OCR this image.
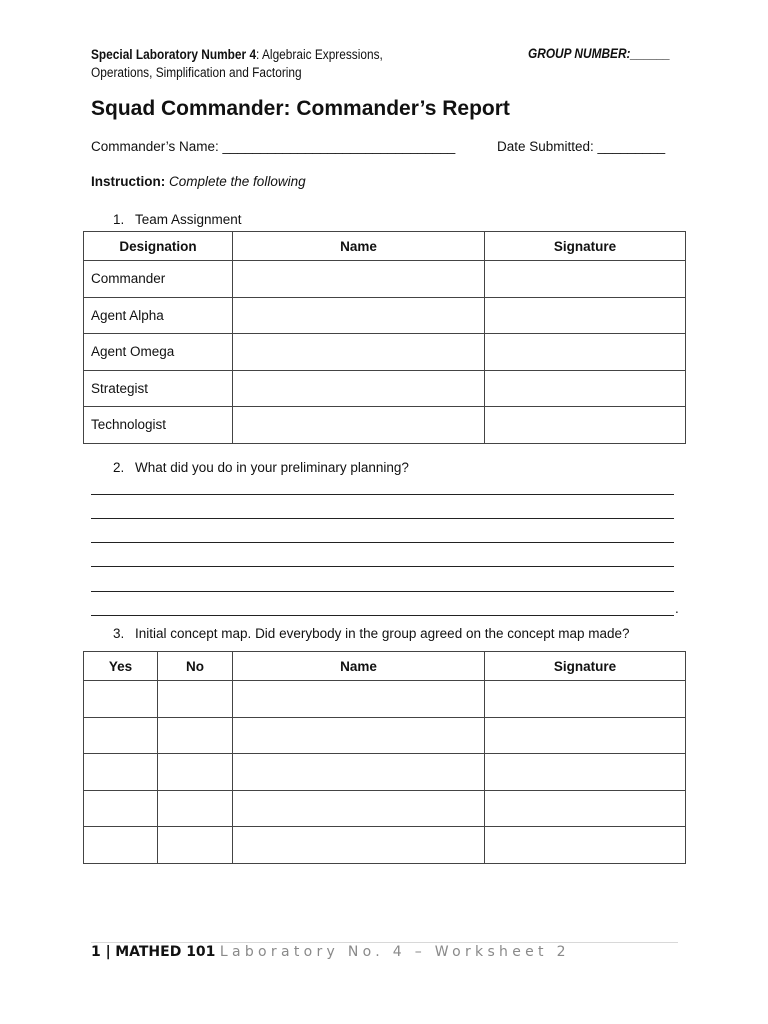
Special Laboratory Number 4: Algebraic Expressions, Operations, Simplification and Factoring
GROUP NUMBER:______
Squad Commander: Commander’s Report
Commander’s Name: _______________________________	Date Submitted: _________
Instruction: Complete the following
1. Team Assignment
Designation	Name	Signature
Commander		
Agent Alpha		
Agent Omega		
Strategist		
Technologist		
2. What did you do in your preliminary planning?
.
3. Initial concept map. Did everybody in the group agreed on the concept map made?
Yes	No	Name	Signature

1 | MATHED 101 Laboratory No. 4 – Worksheet 2
